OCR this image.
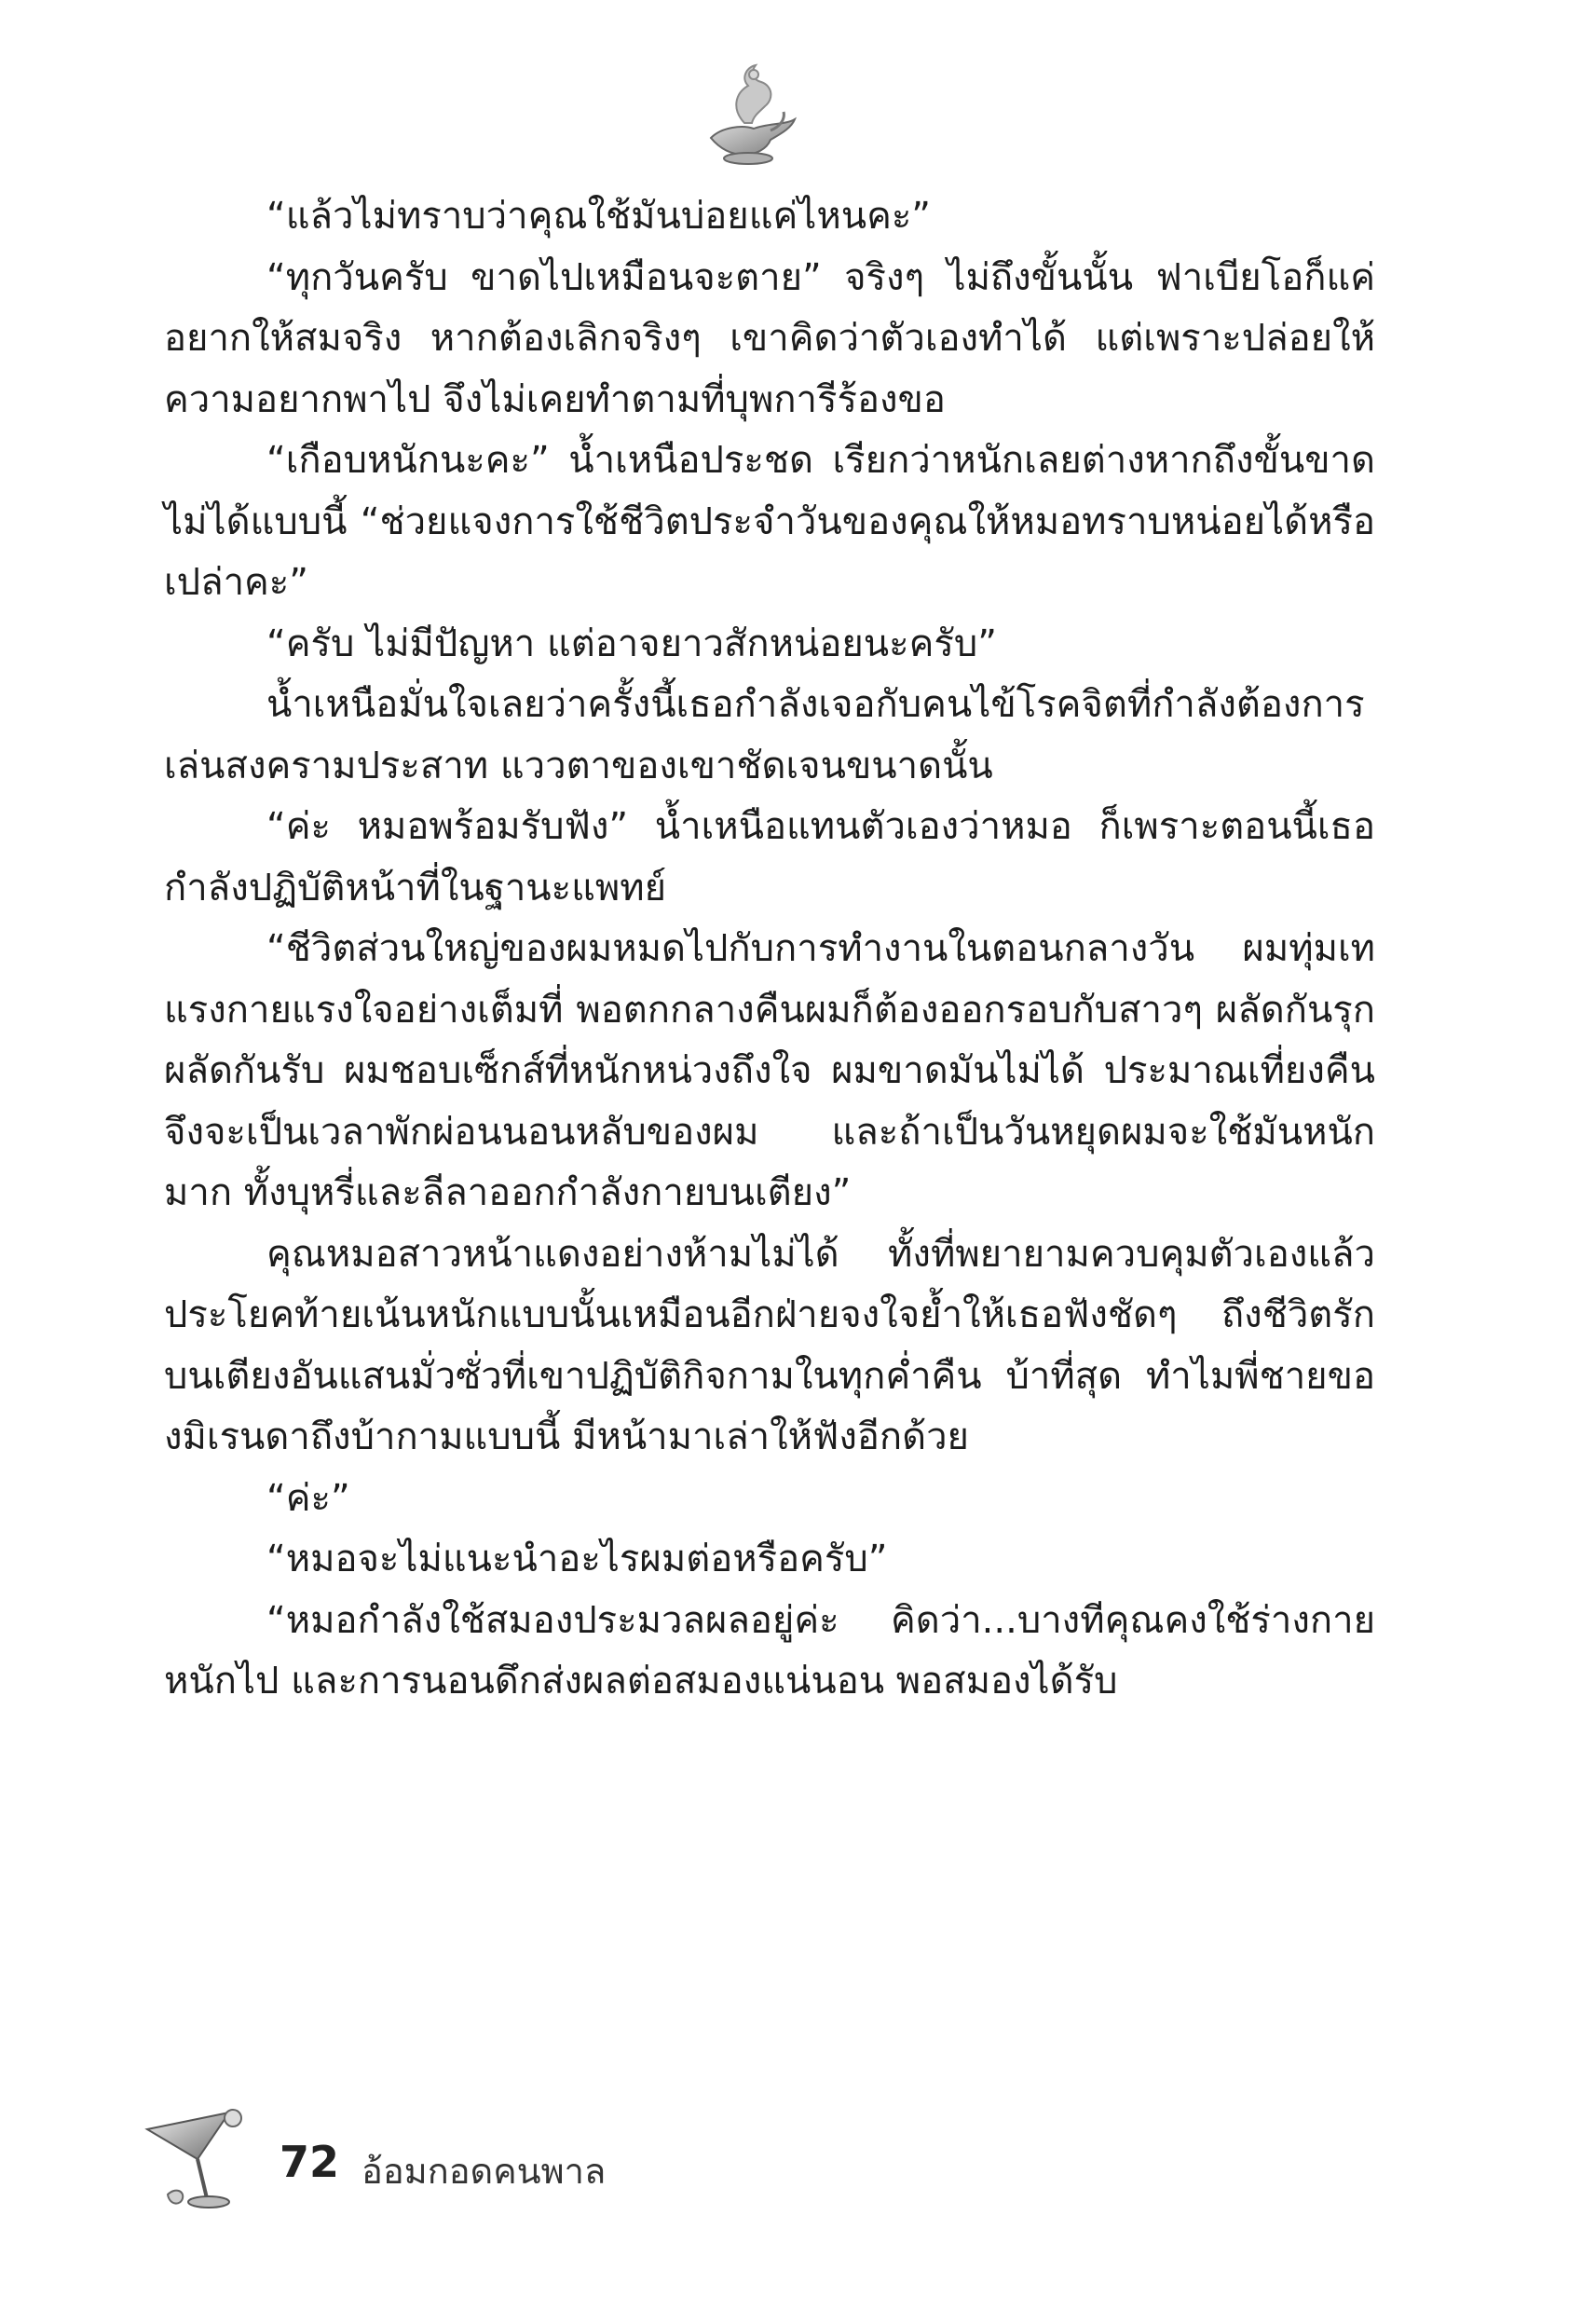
“แล้วไม่ทราบว่าคุณใช้มันบ่อยแค่ไหนคะ”

“ทุกวันครับ ขาดไปเหมือนจะตาย” จริงๆ ไม่ถึงขั้นนั้น ฟาเบียโอก็แค่อยากให้สมจริง หากต้องเลิกจริงๆ เขาคิดว่าตัวเองทำได้ แต่เพราะปล่อยให้ความอยากพาไป จึงไม่เคยทำตามที่บุพการีร้องขอ

“เกือบหนักนะคะ” น้ำเหนือประชด เรียกว่าหนักเลยต่างหากถึงขั้นขาดไม่ได้แบบนี้ “ช่วยแจงการใช้ชีวิตประจำวันของคุณให้หมอทราบหน่อยได้หรือเปล่าคะ”

“ครับ ไม่มีปัญหา แต่อาจยาวสักหน่อยนะครับ”

น้ำเหนือมั่นใจเลยว่าครั้งนี้เธอกำลังเจอกับคนไข้โรคจิตที่กำลังต้องการเล่นสงครามประสาท แววตาของเขาชัดเจนขนาดนั้น

“ค่ะ หมอพร้อมรับฟัง” น้ำเหนือแทนตัวเองว่าหมอ ก็เพราะตอนนี้เธอกำลังปฏิบัติหน้าที่ในฐานะแพทย์

“ชีวิตส่วนใหญ่ของผมหมดไปกับการทำงานในตอนกลางวัน ผมทุ่มเทแรงกายแรงใจอย่างเต็มที่ พอตกกลางคืนผมก็ต้องออกรอบกับสาวๆ ผลัดกันรุกผลัดกันรับ ผมชอบเซ็กส์ที่หนักหน่วงถึงใจ ผมขาดมันไม่ได้ ประมาณเที่ยงคืนจึงจะเป็นเวลาพักผ่อนนอนหลับของผม และถ้าเป็นวันหยุดผมจะใช้มันหนักมาก ทั้งบุหรี่และลีลาออกกำลังกายบนเตียง”

คุณหมอสาวหน้าแดงอย่างห้ามไม่ได้ ทั้งที่พยายามควบคุมตัวเองแล้ว ประโยคท้ายเน้นหนักแบบนั้นเหมือนอีกฝ่ายจงใจย้ำให้เธอฟังชัดๆ ถึงชีวิตรักบนเตียงอันแสนมั่วซั่วที่เขาปฏิบัติกิจกามในทุกค่ำคืน บ้าที่สุด ทำไมพี่ชายของมิเรนดาถึงบ้ากามแบบนี้ มีหน้ามาเล่าให้ฟังอีกด้วย

“ค่ะ”

“หมอจะไม่แนะนำอะไรผมต่อหรือครับ”

“หมอกำลังใช้สมองประมวลผลอยู่ค่ะ คิดว่า...บางทีคุณคงใช้ร่างกายหนักไป และการนอนดึกส่งผลต่อสมองแน่นอน พอสมองได้รับ

72 อ้อมกอดคนพาล
